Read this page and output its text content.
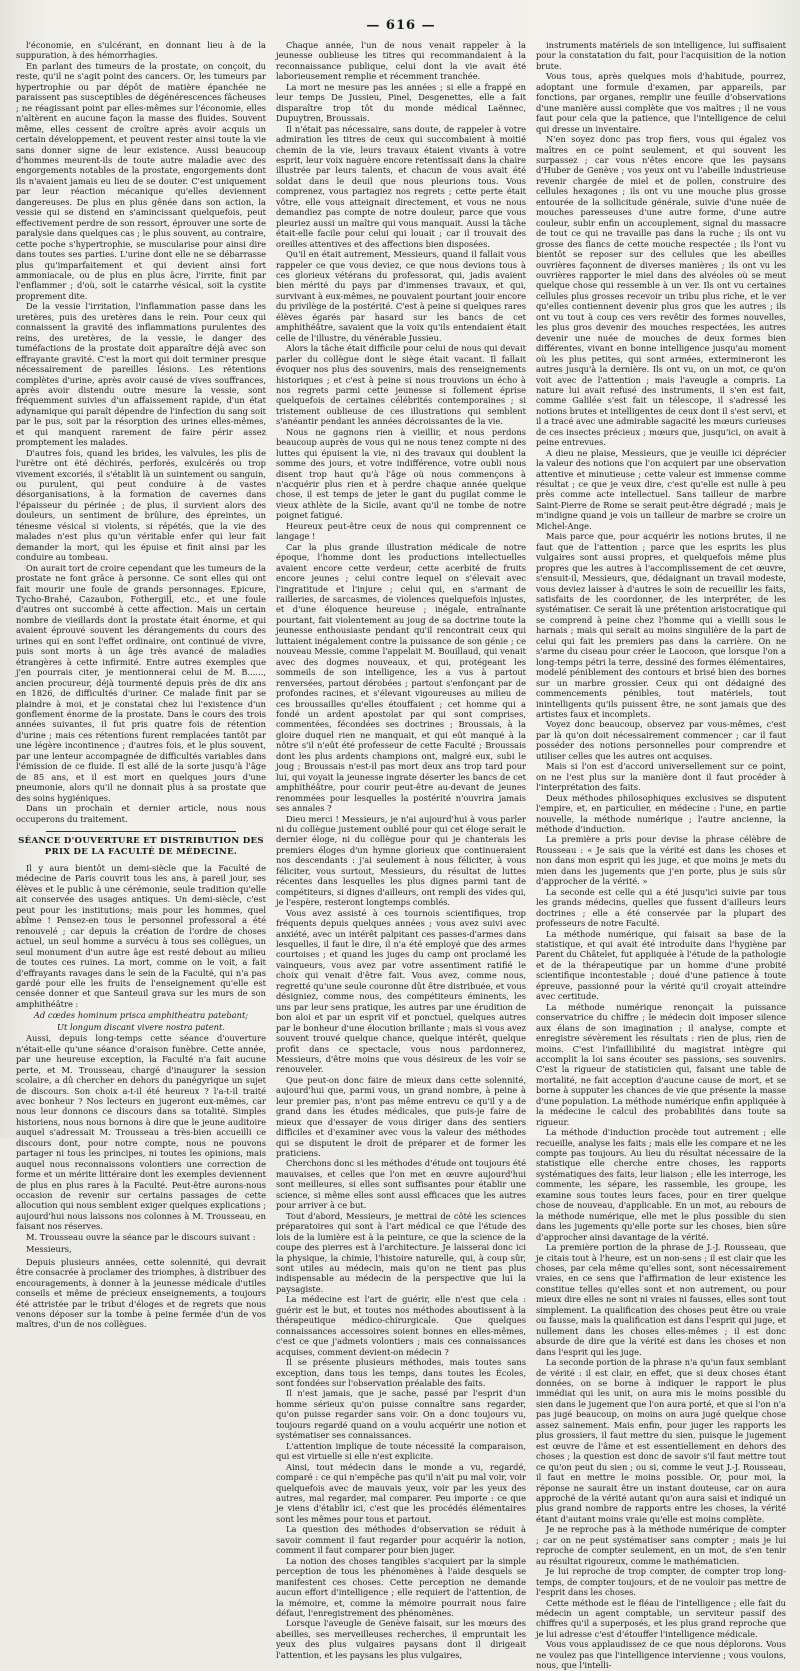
— 616 —

l'économie, en s'ulcérant, en donnant lieu à de la suppuration, à des hémorrhagies.

En parlant des tumeurs de la prostate, on conçoit, du reste, qu'il ne s'agit point des cancers. Or, les tumeurs par hypertrophie ou par dépôt de matière épanchée ne paraissent pas susceptibles de dégénérescences fâcheuses ; ne réagissant point par elles-mêmes sur l'économie, elles n'altèrent en aucune façon la masse des fluides. Souvent même, elles cessent de croître après avoir acquis un certain développement, et peuvent rester ainsi toute la vie sans donner signe de leur existence. Aussi beaucoup d'hommes meurent-ils de toute autre maladie avec des engorgements notables de la prostate, engorgements dont ils n'avaient jamais eu lieu de se douter. C'est uniquement par leur réaction mécanique qu'elles deviennent dangereuses. De plus en plus gênée dans son action, la vessie qui se distend en s'amincissant quelquefois, peut effectivement perdre de son ressort, éprouver une sorte de paralysie dans quelques cas ; le plus souvent, au contraire, cette poche s'hypertrophie, se muscularise pour ainsi dire dans toutes ses parties. L'urine dont elle ne se débarrasse plus qu'imparfaitement et qui devient ainsi fort ammoniacale, ou de plus en plus âcre, l'irrite, finit par l'enflammer ; d'où, soit le catarrhe vésical, soit la cystite proprement dite.

De la vessie l'irritation, l'inflammation passe dans les uretères, puis des uretères dans le rein. Pour ceux qui connaissent la gravité des inflammations purulentes des reins, des uretères, de la vessie, le danger des tuméfactions de la prostate doit apparaître déjà avec son effrayante gravité. C'est la mort qui doit terminer presque nécessairement de pareilles lésions. Les rétentions complètes d'urine, après avoir causé de vives souffrances, après avoir distendu outre mesure la vessie, sont fréquemment suivies d'un affaissement rapide, d'un état adynamique qui paraît dépendre de l'infection du sang soit par le pus, soit par la résorption des urines elles-mêmes, et qui manquent rarement de faire périr assez promptement les malades.

D'autres fois, quand les brides, les valvules, les plis de l'urètre ont été déchirés, perforés, exulcérés ou trop vivement excoriés, il s'établit là un suintement ou sanguin, ou purulent, qui peut conduire à de vastes désorganisations, à la formation de cavernes dans l'épaisseur du périnée ; de plus, il survient alors des douleurs, un sentiment de brûlure, des épreintes, un ténesme vésical si violents, si répétés, que la vie des malades n'est plus qu'un véritable enfer qui leur fait demander la mort, qui les épuise et finit ainsi par les conduire au tombeau.

On aurait tort de croire cependant que les tumeurs de la prostate ne font grâce à personne. Ce sont elles qui ont fait mourir une foule de grands personnages. Epicure, Tycho-Brahé, Cazaubon, Fothergill, etc., et une foule d'autres ont succombé à cette affection. Mais un certain nombre de vieillards dont la prostate était énorme, et qui avaient éprouvé souvent les dérangements du cours des urines qui en sont l'effet ordinaire, ont continué de vivre, puis sont morts à un âge très avancé de maladies étrangères à cette infirmité. Entre autres exemples que j'en pourrais citer, je mentionnerai celui de M. B......, ancien procureur, déjà tourmenté depuis près de dix ans en 1826, de difficultés d'uriner. Ce malade finit par se plaindre à moi, et je constatai chez lui l'existence d'un gonflement énorme de la prostate. Dans le cours des trois années suivantes, il fut pris quatre fois de rétention d'urine ; mais ces rétentions furent remplacées tantôt par une légère incontinence ; d'autres fois, et le plus souvent, par une lenteur accompagnée de difficultés variables dans l'émission de ce fluide. Il est allé de la sorte jusqu'à l'âge de 85 ans, et il est mort en quelques jours d'une pneumonie, alors qu'il ne donnait plus à sa prostate que des soins hygiéniques.

Dans un prochain et dernier article, nous nous occuperons du traitement.

SÉANCE D'OUVERTURE ET DISTRIBUTION DES PRIX DE LA FACULTÉ DE MÉDECINE.

Il y aura bientôt un demi-siècle que la Faculté de médecine de Paris couvrit tous les ans, à pareil jour, ses élèves et le public à une cérémonie, seule tradition qu'elle ait conservée des usages antiques. Un demi-siècle, c'est peut pour les institutions; mais pour les hommes, quel abîme ! Pensez-en tous le personnel professoral a été renouvelé ; car depuis la création de l'ordre de choses actuel, un seul homme a survécu à tous ses collègues, un seul monument d'un autre âge est resté debout au milieu de toutes ces ruines. La mort, comme on le voit, a fait d'effrayants ravages dans le sein de la Faculté, qui n'a pas gardé pour elle les fruits de l'enseignement qu'elle est censée donner et que Santeuil grava sur les murs de son amphithéâtre :

Ad cœdes hominum prisca amphitheatra patebant;

Ut longum discant vivere nostra patent.

Aussi, depuis long-temps cette séance d'ouverture n'était-elle qu'une séance d'oraison funèbre. Cette année, par une heureuse exception, la Faculté n'a fait aucune perte, et M. Trousseau, chargé d'inaugurer la session scolaire, a dû chercher en dehors du panégyrique un sujet de discours. Son choix a-t-il été heureux ? l'a-t-il traité avec bonheur ? Nos lecteurs en jugeront eux-mêmes, car nous leur donnons ce discours dans sa totalité. Simples historiens, nous nous bornons à dire que le jeune auditoire auquel s'adressait M. Trousseau a très-bien accueilli ce discours dont, pour notre compte, nous ne pouvons partager ni tous les principes, ni toutes les opinions, mais auquel nous reconnaissons volontiers une correction de forme et un mérite littéraire dont les exemples deviennent de plus en plus rares à la Faculté. Peut-être aurons-nous occasion de revenir sur certains passages de cette allocution qui nous semblent exiger quelques explications ; aujourd'hui nous laissons nos colonnes à M. Trousseau, en faisant nos réserves.

M. Trousseau ouvre la séance par le discours suivant :

Messieurs,

Depuis plusieurs années, cette solennité, qui devrait être consacrée à proclamer des triomphes, à distribuer des encouragements, à donner à la jeunesse médicale d'utiles conseils et même de précieux enseignements, a toujours été attristée par le tribut d'éloges et de regrets que nous venons déposer sur la tombe à peine fermée d'un de vos maîtres, d'un de nos collègues.

Chaque année, l'un de nous venait rappeler à la jeunesse oublieuse les titres qui recommandaient à la reconnaissance publique, celui dont la vie avait été laborieusement remplie et récemment tranchée.

La mort ne mesure pas les années ; si elle a frappé en leur temps De Jussieu, Pinel, Desgenettes, elle a fait disparaître trop tôt du monde médical Laënnec, Dupuytren, Broussais.

Il n'était pas nécessaire, sans doute, de rappeler à votre admiration les titres de ceux qui succombaient à moitié chemin de la vie, leurs travaux étaient vivants à votre esprit, leur voix naguère encore retentissait dans la chaire illustrée par leurs talents, et chacun de vous avait été soldat dans le deuil que nous pleurions tous. Vous comprenez, vous partagiez nos regrets ; cette perte était vôtre, elle vous atteignait directement, et vous ne nous demandiez pas compte de notre douleur, parce que vous pleuriez aussi un maître qui vous manquait. Aussi la tâche était-elle facile pour celui qui louait ; car il trouvait des oreilles attentives et des affections bien disposées.

Qu'il en était autrement, Messieurs, quand il fallait vous rappeler ce que vous deviez, ce que nous devions tous à ces glorieux vétérans du professorat, qui, jadis avaient bien mérité du pays par d'immenses travaux, et qui, survivant à eux-mêmes, ne pouvaient pourtant jouir encore du privilège de la postérité. C'est à peine si quelques rares élèves égarés par hasard sur les bancs de cet amphithéâtre, savaient que la voix qu'ils entendaient était celle de l'illustre, du vénérable Jussieu.

Alors la tâche était difficile pour celui de nous qui devait parler du collègue dont le siège était vacant. Il fallait évoquer nos plus des souvenirs, mais des renseignements historiques ; et c'est à peine si nous trouvions un écho à nos regrets parmi cette jeunesse si follement éprise quelquefois de certaines célébrités contemporaines ; si tristement oublieuse de ces illustrations qui semblent s'anéantir pendant les années décroissantes de la vie.

Nous ne gagnons rien à vieillir, et nous perdons beaucoup auprès de vous qui ne nous tenez compte ni des luttes qui épuisent la vie, ni des travaux qui doublent la somme des jours, et votre indifférence, votre oubli nous disent trop haut qu'à l'âge où nous commençons à n'acquérir plus rien et à perdre chaque année quelque chose, il est temps de jeter le gant du pugilat comme le vieux athlète de la Sicile, avant qu'il ne tombe de notre poignet fatigué.

Heureux peut-être ceux de nous qui comprennent ce langage !

Car la plus grande illustration médicale de notre époque, l'homme dont les productions intellectuelles avaient encore cette verdeur, cette acerbité de fruits encore jeunes ; celui contre lequel on s'élevait avec l'ingratitude et l'injure ; celui qui, en s'armant de railleries, de sarcasmes, de violences quelquefois injustes, et d'une éloquence heureuse ; inégale, entraînante pourtant, fait violentement au joug de sa doctrine toute la jeunesse enthousiaste pendant qu'il rencontrait ceux qui luttaient inégalement contre la puissance de son génie ; ce nouveau Messie, comme l'appelait M. Bouillaud, qui venait avec des dogmes nouveaux, et qui, protégeant les sommeils de son intelligence, les a vus à partout renversées, partout dérobées ; partout s'enfonçant par de profondes racines, et s'élevant vigoureuses au milieu de ces broussailles qu'elles étouffaient ; cet homme qui a fondé un ardent apostolat par qui sont comprises, commentées, fécondées ses doctrines ; Broussais, à la gloire duquel rien ne manquait, et qui eût manqué à la nôtre s'il n'eût été professeur de cette Faculté ; Broussais dont les plus ardents champions ont, malgré eux, subi le joug ; Broussais n'est-il pas mort deux ans trop tard pour lui, qui voyait la jeunesse ingrate déserter les bancs de cet amphithéâtre, pour courir peut-être au-devant de jeunes renommées pour lesquelles la postérité n'ouvrira jamais ses annales ?

Dieu merci ! Messieurs, je n'ai aujourd'hui à vous parler ni du collègue justement oublié pour qui cet éloge serait le dernier éloge, ni du collègue pour qui je chanterais les premiers éloges d'un hymne glorieux que continueraient nos descendants : j'ai seulement à nous féliciter, à vous féliciter, vous surtout, Messieurs, du résultat de luttes récentes dans lesquelles les plus dignes parmi tant de compétiteurs, si dignes d'ailleurs, ont rempli des vides qui, je l'espère, resteront longtemps comblés.

Vous avez assisté à ces tournois scientifiques, trop fréquents depuis quelques années ; vous avez suivi avec anxiété, avec un intérêt palpitant ces passes-d'armes dans lesquelles, il faut le dire, il n'a été employé que des armes courtoises ; et quand les juges du camp ont proclamé les vainqueurs, vous avez par votre assentiment ratifié le choix qui venait d'être fait. Vous avez, comme nous, regretté qu'une seule couronne dût être distribuée, et vous désigniez, comme nous, des compétiteurs éminents, les uns par leur sens pratique, les autres par une érudition de bon aloi et par un esprit vif et ponctuel, quelques autres par le bonheur d'une élocution brillante ; mais si vous avez souvent trouvé quelque chance, quelque intérêt, quelque profit dans ce spectacle, vous nous pardonnerez, Messieurs, d'être moins que vous désireux de les voir se renouveler.

Que peut-on donc faire de mieux dans cette solennité, aujourd'hui que, parmi vous, un grand nombre, à peine à leur premier pas, n'ont pas même entrevu ce qu'il y a de grand dans les études médicales, que puis-je faire de mieux que d'essayer de vous diriger dans des sentiers difficiles et d'examiner avec vous la valeur des méthodes qui se disputent le droit de préparer et de former les praticiens.

Cherchons donc si les méthodes d'étude ont toujours été mauvaises, et celles que l'on met en œuvre aujourd'hui sont meilleures, si elles sont suffisantes pour établir une science, si même elles sont aussi efficaces que les autres pour arriver à ce but.

Tout d'abord, Messieurs, je mettrai de côté les sciences préparatoires qui sont à l'art médical ce que l'étude des lois de la lumière est à la peinture, ce que la science de la coupe des pierres est à l'architecture. Je laisserai donc ici la physique, la chimie, l'histoire naturelle, qui, à coup sûr, sont utiles au médecin, mais qu'on ne tient pas plus indispensable au médecin de la perspective que lui la paysagiste.

La médecine est l'art de guérir, elle n'est que cela : guérir est le but, et toutes nos méthodes aboutissent à la thérapeutique médico-chirurgicale. Que quelques connaissances accessoires soient bonnes en elles-mêmes, c'est ce que j'admets volontiers ; mais ces connaissances acquises, comment devient-on médecin ?

Il se présente plusieurs méthodes, mais toutes sans exception, dans tous les temps, dans toutes les Écoles, sont fondées sur l'observation préalable des faits.

Il n'est jamais, que je sache, passé par l'esprit d'un homme sérieux qu'on puisse connaître sans regarder, qu'on puisse regarder sans voir. On a donc toujours vu, toujours regardé quand on a voulu acquérir une notion et systématiser ses connaissances.

L'attention implique de toute nécessité la comparaison, qui est virtuelle si elle n'est explicite.

Ainsi, tout médecin dans le monde a vu, regardé, comparé : ce qui n'empêche pas qu'il n'ait pu mal voir, voir quelquefois avec de mauvais yeux, voir par les yeux des autres, mal regarder, mal comparer. Peu importe : ce que je viens d'établir ici, c'est que les procédés élémentaires sont les mêmes pour tous et partout.

La question des méthodes d'observation se réduit à savoir comment il faut regarder pour acquérir la notion, comment il faut comparer pour bien juger.

La notion des choses tangibles s'acquiert par la simple perception de tous les phénomènes à l'aide desquels se manifestent ces choses. Cette perception ne demande aucun effort d'intelligence ; elle requiert de l'attention, de la mémoire, et, comme la mémoire pourrait nous faire défaut, l'enregistrement des phénomènes.

Lorsque l'aveugle de Genève faisait, sur les mœurs des abeilles, ses merveilleuses recherches, il empruntait les yeux des plus vulgaires paysans dont il dirigeait l'attention, et les paysans les plus vulgaires,

instruments matériels de son intelligence, lui suffisaient pour la constatation du fait, pour l'acquisition de la notion brute.

Vous tous, après quelques mois d'habitude, pourrez, adoptant une formule d'examen, par appareils, par fonctions, par organes, remplir une feuille d'observations d'une manière aussi complète que vos maîtres ; il ne vous faut pour cela que la patience, que l'intelligence de celui qui dresse un inventaire.

N'en soyez donc pas trop fiers, vous qui égalez vos maîtres en ce point seulement, et qui souvent les surpassez ; car vous n'êtes encore que les paysans d'Huber de Genève ; vos yeux ont vu l'abeille industrieuse revenir chargée de miel et de pollen, construire des cellules hexagones ; ils ont vu une mouche plus grosse entourée de la sollicitude générale, suivie d'une nuée de mouches paresseuses d'une autre forme, d'une autre couleur, subir enfin un accouplement, signal du massacre de tout ce qui ne travaille pas dans la ruche ; ils ont vu grosse des flancs de cette mouche respectée ; ils l'ont vu bientôt se reposer sur des cellules que les abeilles ouvrières façonnent de diverses manières ; ils ont vu les ouvrières rapporter le miel dans des alvéoles où se meut quelque chose qui ressemble à un ver. Ils ont vu certaines cellules plus grosses recevoir un tribu plus riche, et le ver qu'elles contiennent devenir plus gros que les autres ; ils ont vu tout à coup ces vers revêtir des formes nouvelles, les plus gros devenir des mouches respectées, les autres devenir une nuée de mouches de deux formes bien différentes, vivant en bonne intelligence jusqu'au moment où les plus petites, qui sont armées, extermineront les autres jusqu'à la dernière. Ils ont vu, on un mot, ce qu'on voit avec de l'attention ; mais l'aveugle a compris. La nature lui avait refusé des instruments, il s'en est fait, comme Galilée s'est fait un télescope, il s'adressé les notions brutes et intelligentes de ceux dont il s'est servi, et il a tracé avec une admirable sagacité les mœurs curieuses de ces insectes précieux ; mœurs que, jusqu'ici, on avait à peine entrevues.

A dieu ne plaise, Messieurs, que je veuille ici déprécier la valeur des notions que l'on acquiert par une observation attentive et minutieuse ; cette valeur est immense comme résultat ; ce que je veux dire, c'est qu'elle est nulle à peu près comme acte intellectuel. Sans tailleur de marbre Saint-Pierre de Rome se serait peut-être dégradé ; mais je m'indigne quand je vois un tailleur de marbre se croire un Michel-Ange.

Mais parce que, pour acquérir les notions brutes, il ne faut que de l'attention ; parce que les esprits les plus vulgaires sont aussi propres, et quelquefois même plus propres que les autres à l'accomplissement de cet œuvre, s'ensuit-il, Messieurs, que, dédaignant un travail modeste, vous deviez laisser à d'autres le soin de recueillir les faits, satisfaits de les coordonner, de les interpréter, de les systématiser. Ce serait là une prétention aristocratique qui se comprend à peine chez l'homme qui a vieilli sous le harnais ; mais qui serait au moins singulière de la part de celui qui fait les premiers pas dans la carrière. On ne s'arme du ciseau pour créer le Laocoon, que lorsque l'on a long-temps pétri la terre, dessiné des formes élémentaires, modelé péniblement des contours et brisé bien des bornes sur un marbre grossier. Ceux qui ont dédaigné des commencements pénibles, tout matériels, tout inintelligents qu'ils puissent être, ne sont jamais que des artistes faux et incomplets.

Voyez donc beaucoup, observez par vous-mêmes, c'est par là qu'on doit nécessairement commencer ; car il faut posséder des notions personnelles pour comprendre et utiliser celles que les autres ont acquises.

Mais si l'on est d'accord universellement sur ce point, on ne l'est plus sur la manière dont il faut procéder à l'interprétation des faits.

Deux méthodes philosophiques exclusives se disputent l'empire, et, en particulier, en médecine : l'une, en partie nouvelle, la méthode numérique ; l'autre ancienne, la méthode d'induction.

La première a pris pour devise la phrase célèbre de Rousseau : « Je sais que la vérité est dans les choses et non dans mon esprit qui les juge, et que moins je mets du mien dans les jugements que j'en porte, plus je suis sûr d'approcher de la vérité. »

La seconde est celle qui a été jusqu'ici suivie par tous les grands médecins, quelles que fussent d'ailleurs leurs doctrines ; elle a été conservée par la plupart des professeurs de notre Faculté.

La méthode numérique, qui faisait sa base de la statistique, et qui avait été introduite dans l'hygiène par Parent du Châtelet, fut appliquée à l'étude de la pathologie et de la thérapeutique par un homme d'une probité scientifique incontestable ; doué d'une patience à toute épreuve, passionné pour la vérité qu'il croyait atteindre avec certitude.

La méthode numérique renonçait la puissance conservatrice du chiffre ; le médecin doit imposer silence aux élans de son imagination ; il analyse, compte et enregistre sévèrement les résultats : rien de plus, rien de moins. C'est l'infaillibilité du magistrat intègre qui accomplit la loi sans écouter ses passions, ses souvenirs. C'est la rigueur de statisticien qui, faisant une table de mortalité, ne fait acception d'aucune cause de mort, et se borne à supputer les chances de vie que présente la masse d'une population. La méthode numérique enfin appliquée à la médecine le calcul des probabilités dans toute sa rigueur.

La méthode d'induction procède tout autrement ; elle recueille, analyse les faits ; mais elle les compare et ne les compte pas toujours. Au lieu du résultat nécessaire de la statistique elle cherche entre choses, les rapports systématiques des faits, leur liaison ; elle les interroge, les commente, les sépare, les rassemble, les groupe, les examine sous toutes leurs faces, pour en tirer quelque chose de nouveau, d'applicable. En un mot, au rebours de la méthode numérique, elle met le plus possible du sien dans les jugements qu'elle porte sur les choses, bien sûre d'approcher ainsi davantage de la vérité.

La première portion de la phrase de J.-J. Rousseau, que je citais tout à l'heure, est un non-sens ; il est clair que les choses, par cela même qu'elles sont, sont nécessairement vraies, en ce sens que l'affirmation de leur existence les constitue telles qu'elles sont et non autrement, ou pour mieux dire elles ne sont ni vraies ni fausses, elles sont tout simplement. La qualification des choses peut être ou vraie ou fausse, mais la qualification est dans l'esprit qui juge, et nullement dans les choses elles-mêmes ; il est donc absurde de dire que la vérité est dans les choses et non dans l'esprit qui les juge.

La seconde portion de la phrase n'a qu'un faux semblant de vérité : il est clair, en effet, que si deux choses étant données, on se borne à indiquer le rapport le plus immédiat qui les unit, on aura mis le moins possible du sien dans le jugement que l'on aura porté, et que si l'on n'a pas jugé beaucoup, on moins on aura jugé quelque chose assez sainement. Mais enfin, pour juger les rapports les plus grossiers, il faut mettre du sien, puisque le jugement est œuvre de l'âme et est essentiellement en dehors des choses ; la question est donc de savoir s'il faut mettre tout ce qu'on peut du sien ; ou si, comme le veut J.-J. Rousseau, il faut en mettre le moins possible. Or, pour moi, la réponse ne saurait être un instant douteuse, car on aura approché de la vérité autant qu'on aura saisi et indiqué un plus grand nombre de rapports entre les choses, la vérité étant d'autant moins vraie qu'elle est moins complète.

Je ne reproche pas à la méthode numérique de compter ; car on ne peut systématiser sans compter ; mais je lui reproche de compter seulement, en un mot, de s'en tenir au résultat rigoureux, comme le mathématicien.

Je lui reproche de trop compter, de compter trop long-temps, de compter toujours, et de ne vouloir pas mettre de l'esprit dans les choses.

Cette méthode est le fléau de l'intelligence ; elle fait du médecin un agent comptable, un serviteur passif des chiffres qu'il a superposés, et les plus grand reproche que je lui adresse c'est d'étouffer l'intelligence médicale.

Vous vous applaudissez de ce que nous déplorons. Vous ne voulez pas que l'intelligence intervienne ; vous voulons, nous, que l'intelli-
